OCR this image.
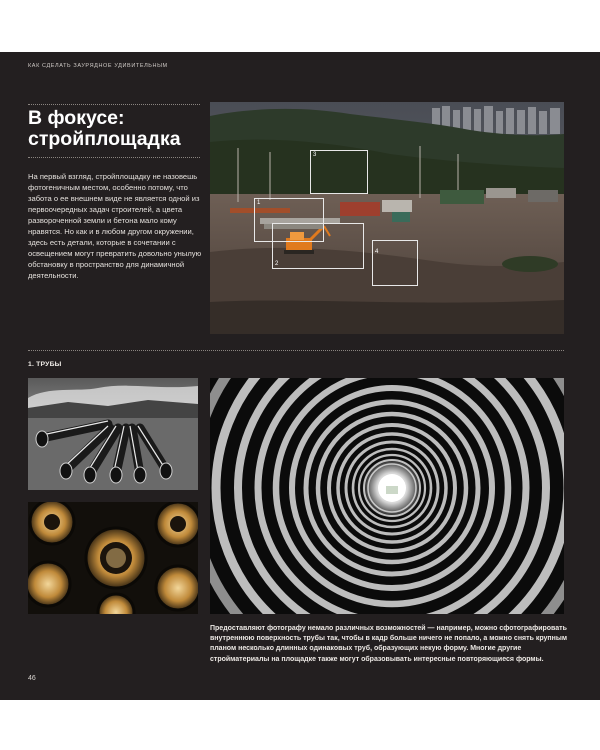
КАК СДЕЛАТЬ ЗАУРЯДНОЕ УДИВИТЕЛЬНЫМ
В фокусе:
стройплощадка

На первый взгляд, стройплощадку не назовешь фотогеничным местом, особенно потому, что забота о ее внешнем виде не является одной из первоочередных задач строителей, а цвета развороченной земли и бетона мало кому нравятся. Но как и в любом другом окружении, здесь есть детали, которые в сочетании с освещением могут превратить довольно унылую обстановку в пространство для динамичной деятельности.

1
2
3
4
1. ТРУБЫ

Предоставляют фотографу немало различных возможностей — например, можно сфотографировать внутреннюю поверхность трубы так, чтобы в кадр больше ничего не попало, а можно снять крупным планом несколько длинных одинаковых труб, образующих некую форму. Многие другие стройматериалы на площадке также могут образовывать интересные повторяющиеся формы.

46
